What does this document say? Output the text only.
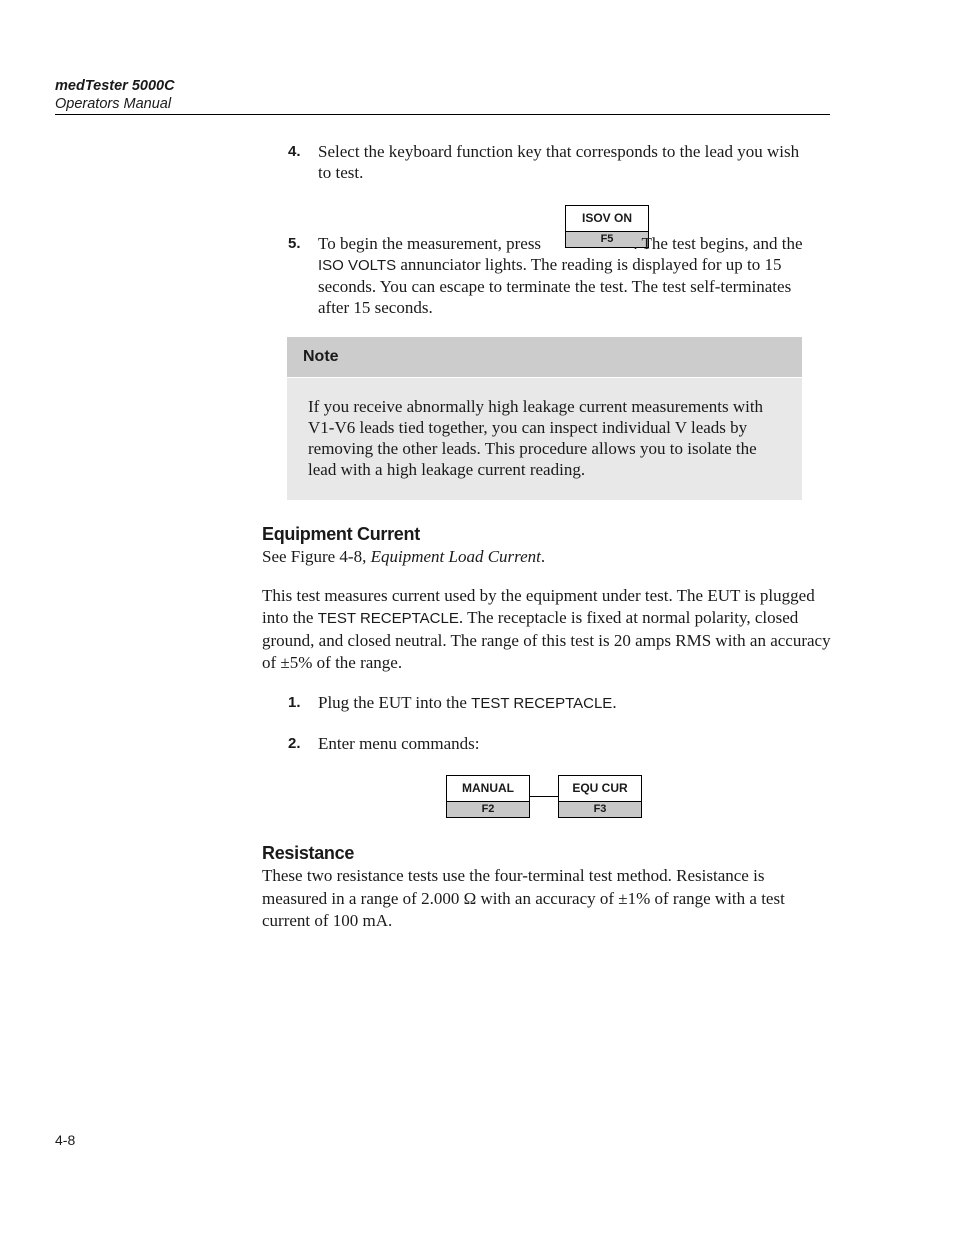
medTester 5000C
Operators Manual
4. Select the keyboard function key that corresponds to the lead you wish to test.
ISOV ON
F5
5. To begin the measurement, press	. The test begins, and the ISO VOLTS annunciator lights. The reading is displayed for up to 15 seconds. You can escape to terminate the test. The test self-terminates after 15 seconds.
Note
If you receive abnormally high leakage current measurements with V1-V6 leads tied together, you can inspect individual V leads by removing the other leads. This procedure allows you to isolate the lead with a high leakage current reading.
Equipment Current
See Figure 4-8, Equipment Load Current.
This test measures current used by the equipment under test. The EUT is plugged into the TEST RECEPTACLE. The receptacle is fixed at normal polarity, closed ground, and closed neutral. The range of this test is 20 amps RMS with an accuracy of ±5% of the range.
1. Plug the EUT into the TEST RECEPTACLE.
2. Enter menu commands:
MANUAL
F2
EQU CUR
F3
Resistance
These two resistance tests use the four-terminal test method. Resistance is measured in a range of 2.000 Ω with an accuracy of ±1% of range with a test current of 100 mA.
4-8
